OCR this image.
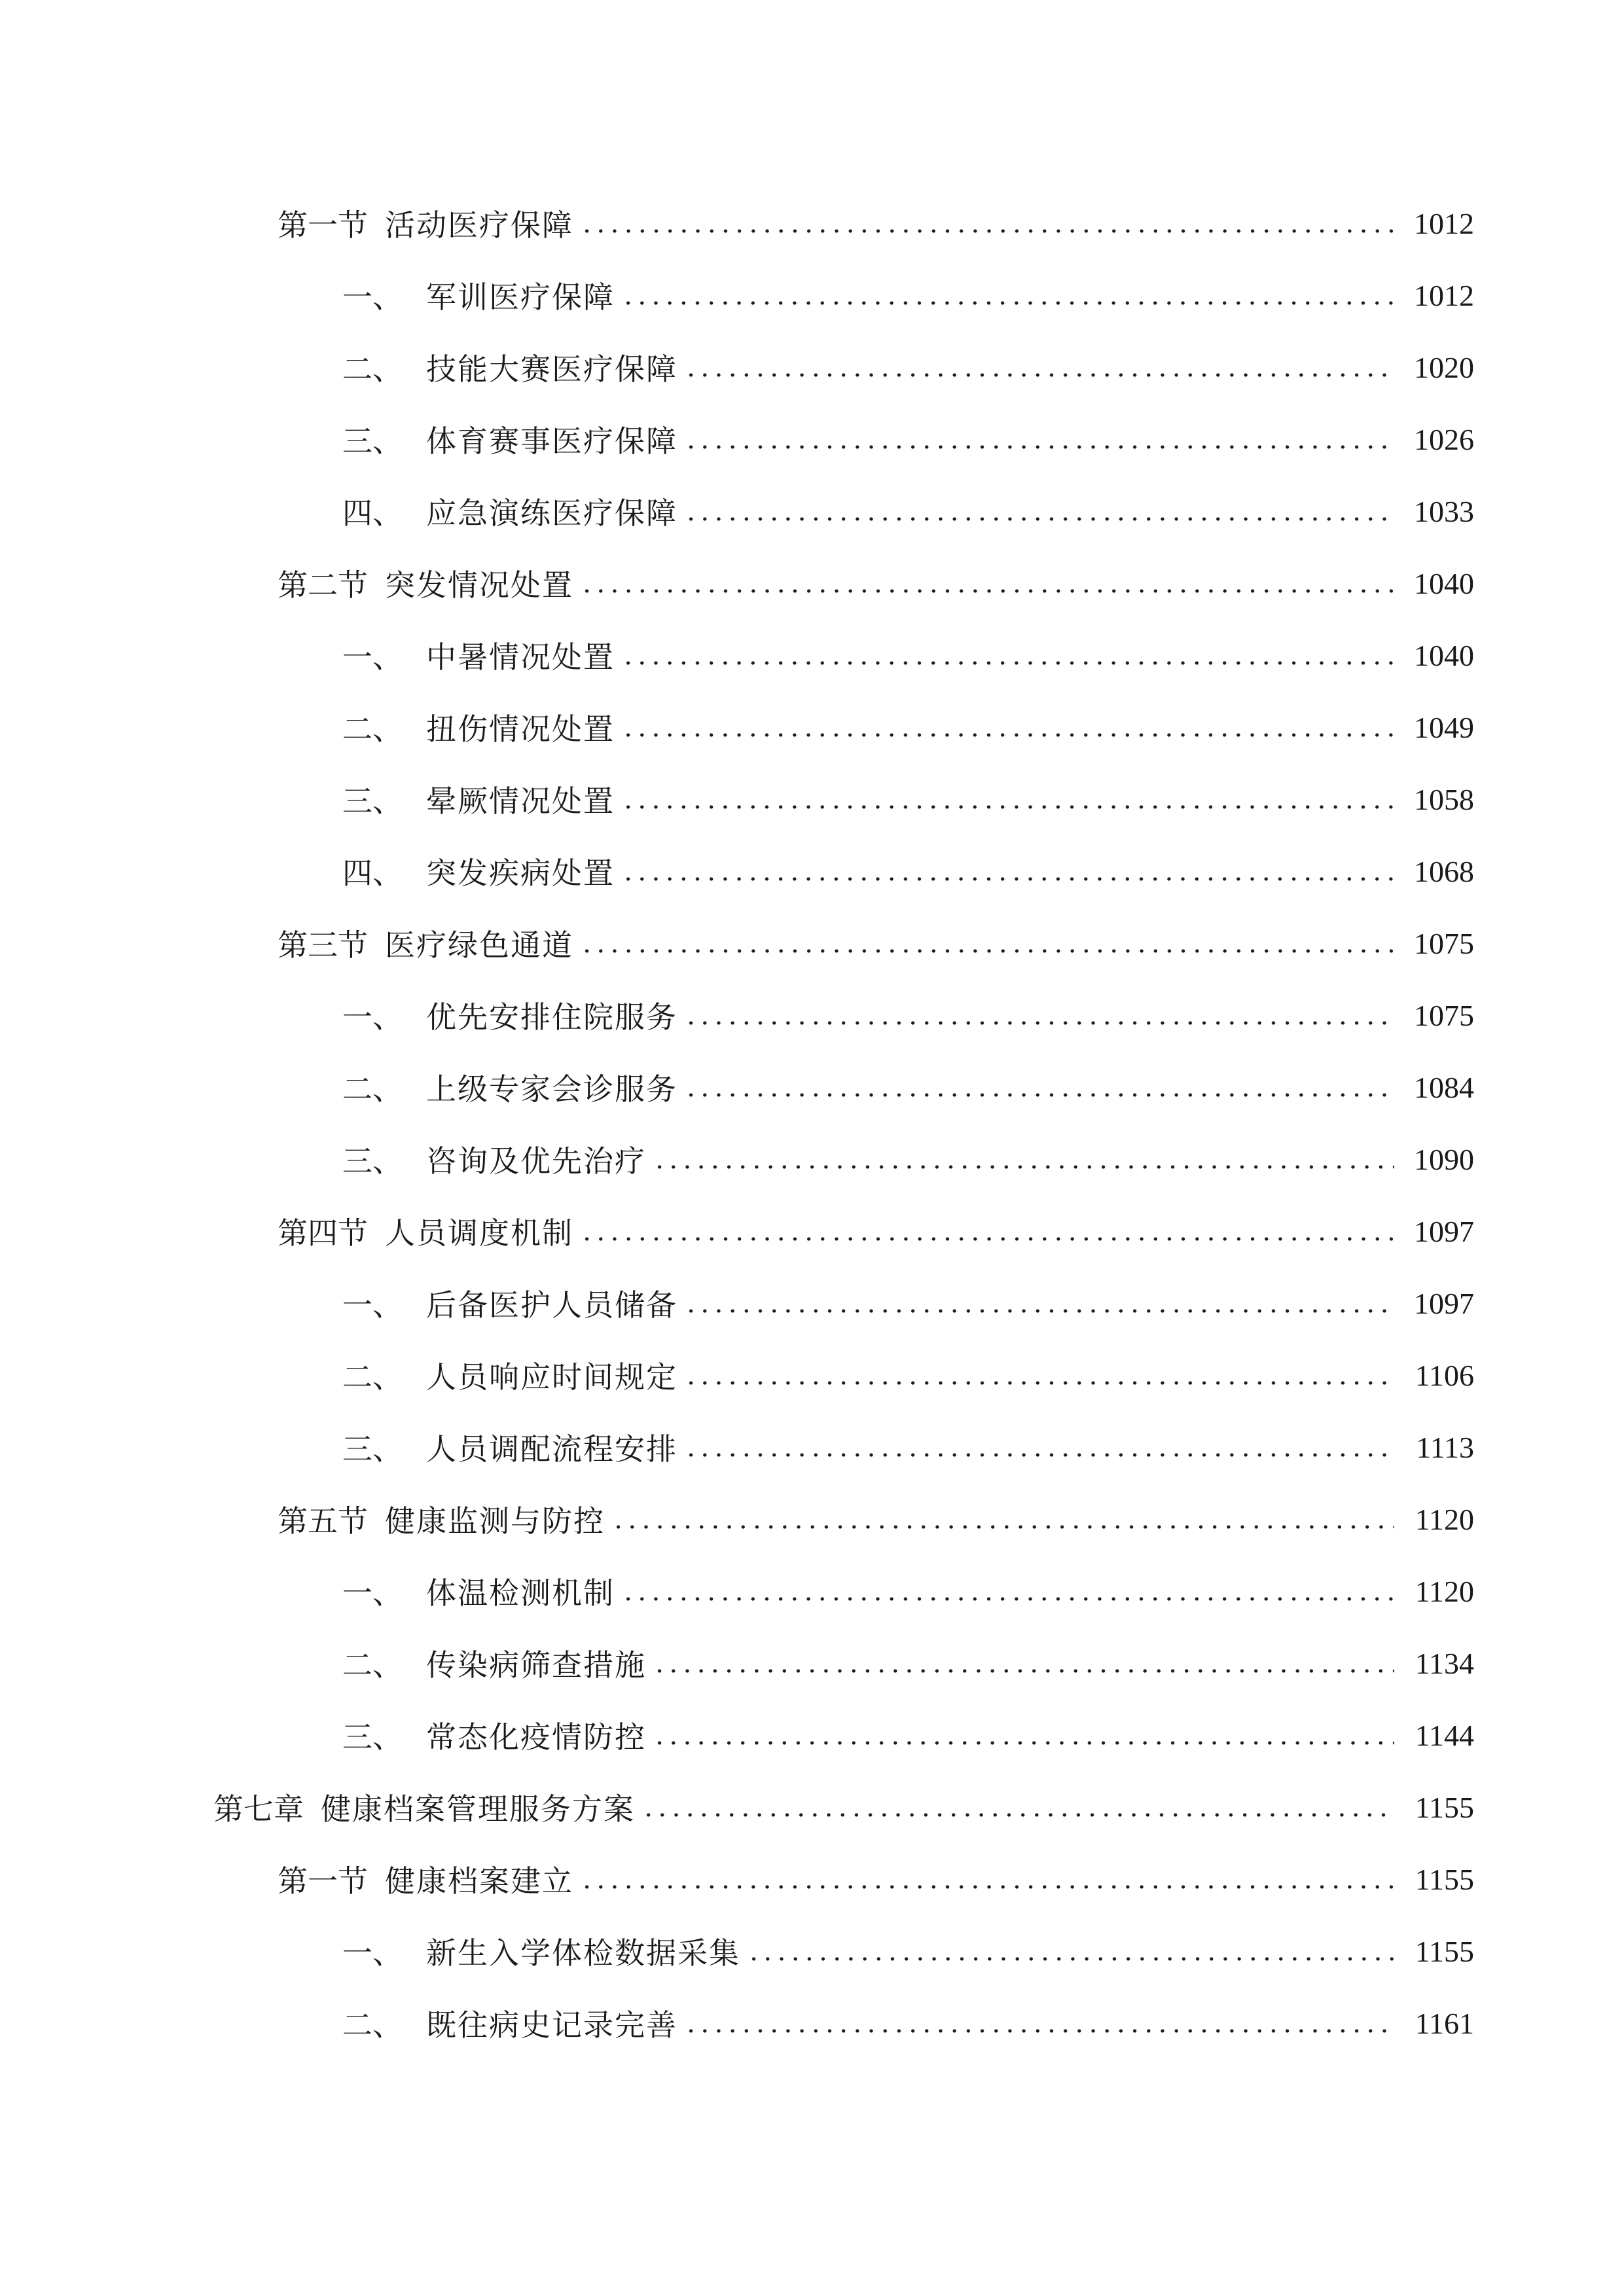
第一节 活动医疗保障	1012
一、 军训医疗保障	1012
二、 技能大赛医疗保障	1020
三、 体育赛事医疗保障	1026
四、 应急演练医疗保障	1033
第二节 突发情况处置	1040
一、 中暑情况处置	1040
二、 扭伤情况处置	1049
三、 晕厥情况处置	1058
四、 突发疾病处置	1068
第三节 医疗绿色通道	1075
一、 优先安排住院服务	1075
二、 上级专家会诊服务	1084
三、 咨询及优先治疗	1090
第四节 人员调度机制	1097
一、 后备医护人员储备	1097
二、 人员响应时间规定	1106
三、 人员调配流程安排	1113
第五节 健康监测与防控	1120
一、 体温检测机制	1120
二、 传染病筛查措施	1134
三、 常态化疫情防控	1144
第七章 健康档案管理服务方案	1155
第一节 健康档案建立	1155
一、 新生入学体检数据采集	1155
二、 既往病史记录完善	1161
